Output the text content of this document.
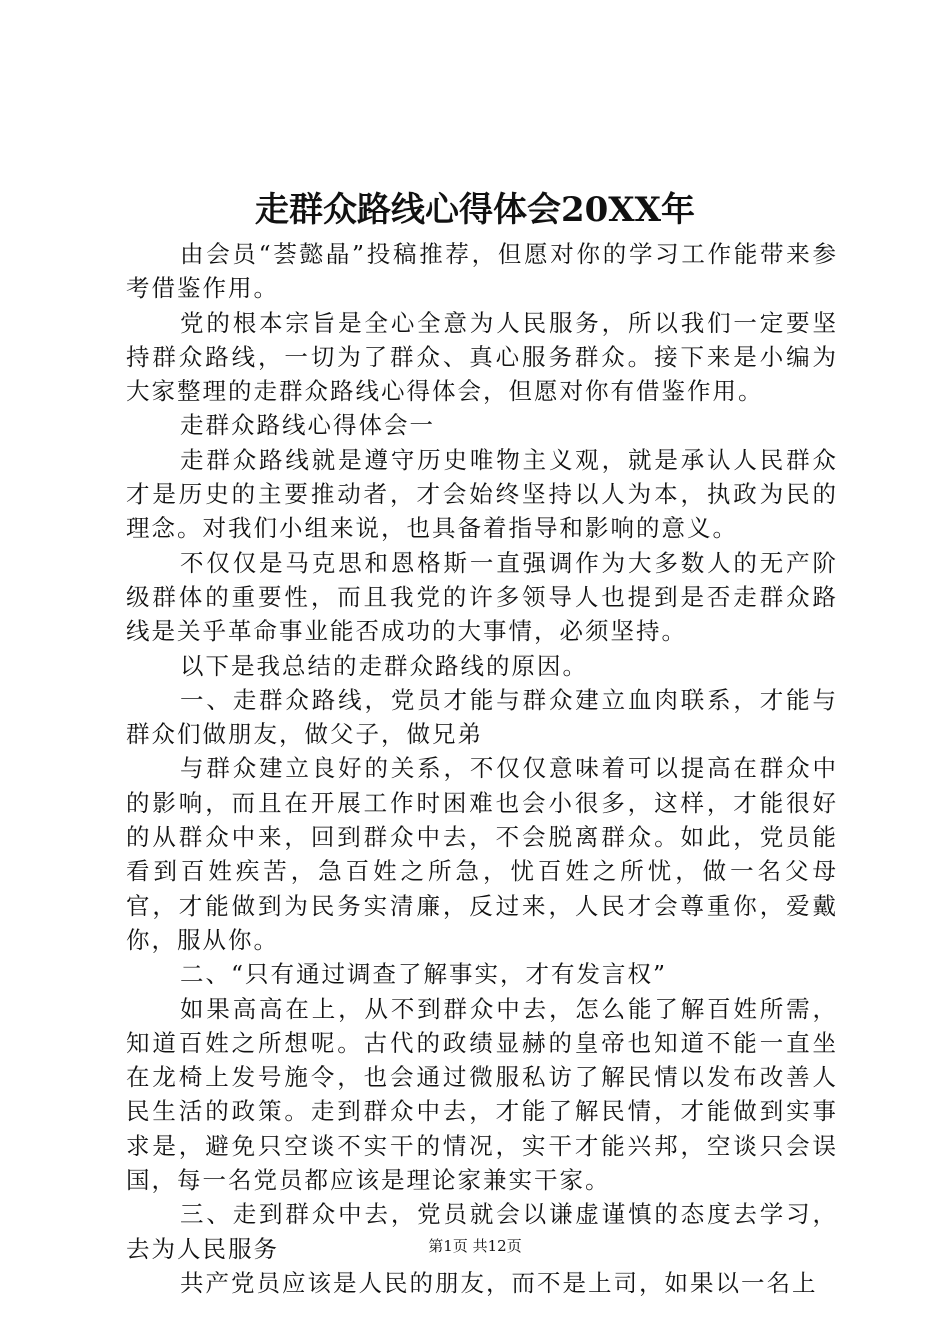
走群众路线心得体会20XX年

由会员“荟懿晶”投稿推荐，但愿对你的学习工作能带来参考借鉴作用。

党的根本宗旨是全心全意为人民服务，所以我们一定要坚持群众路线，一切为了群众、真心服务群众。接下来是小编为大家整理的走群众路线心得体会，但愿对你有借鉴作用。

走群众路线心得体会一

走群众路线就是遵守历史唯物主义观，就是承认人民群众才是历史的主要推动者，才会始终坚持以人为本，执政为民的理念。对我们小组来说，也具备着指导和影响的意义。

不仅仅是马克思和恩格斯一直强调作为大多数人的无产阶级群体的重要性，而且我党的许多领导人也提到是否走群众路线是关乎革命事业能否成功的大事情，必须坚持。

以下是我总结的走群众路线的原因。

一、走群众路线，党员才能与群众建立血肉联系，才能与群众们做朋友，做父子，做兄弟

与群众建立良好的关系，不仅仅意味着可以提高在群众中的影响，而且在开展工作时困难也会小很多，这样，才能很好的从群众中来，回到群众中去，不会脱离群众。如此，党员能看到百姓疾苦，急百姓之所急，忧百姓之所忧，做一名父母官，才能做到为民务实清廉，反过来，人民才会尊重你，爱戴你，服从你。

二、“只有通过调查了解事实，才有发言权”

如果高高在上，从不到群众中去，怎么能了解百姓所需，知道百姓之所想呢。古代的政绩显赫的皇帝也知道不能一直坐在龙椅上发号施令，也会通过微服私访了解民情以发布改善人民生活的政策。走到群众中去，才能了解民情，才能做到实事求是，避免只空谈不实干的情况，实干才能兴邦，空谈只会误国，每一名党员都应该是理论家兼实干家。

三、走到群众中去，党员就会以谦虚谨慎的态度去学习，去为人民服务

共产党员应该是人民的朋友，而不是上司，如果以一名上

第1页 共12页
